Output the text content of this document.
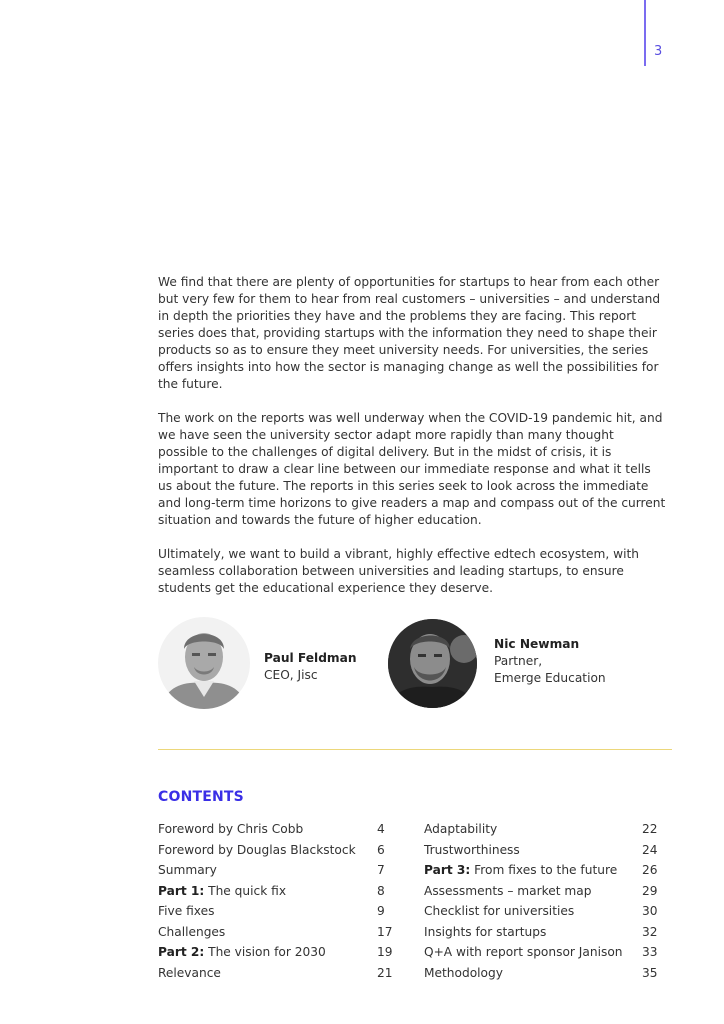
3

We find that there are plenty of opportunities for startups to hear from each other but very few for them to hear from real customers – universities – and understand in depth the priorities they have and the problems they are facing. This report series does that, providing startups with the information they need to shape their products so as to ensure they meet university needs. For universities, the series offers insights into how the sector is managing change as well the possibilities for the future.

The work on the reports was well underway when the COVID-19 pandemic hit, and we have seen the university sector adapt more rapidly than many thought possible to the challenges of digital delivery. But in the midst of crisis, it is important to draw a clear line between our immediate response and what it tells us about the future. The reports in this series seek to look across the immediate and long-term time horizons to give readers a map and compass out of the current situation and towards the future of higher education.

Ultimately, we want to build a vibrant, highly effective edtech ecosystem, with seamless collaboration between universities and leading startups, to ensure students get the educational experience they deserve.

Paul Feldman
CEO, Jisc
Nic Newman
Partner,
Emerge Education
CONTENTS
Foreword by Chris Cobb	4
Foreword by Douglas Blackstock 6
Summary	7
Part 1: The quick fix	8
Five fixes	9
Challenges	17
Part 2: The vision for 2030	19
Relevance	21
Adaptability	22
Trustworthiness	24
Part 3: From fixes to the future 26
Assessments – market map	29
Checklist for universities	30
Insights for startups	32
Q+A with report sponsor Janison 33
Methodology	35
